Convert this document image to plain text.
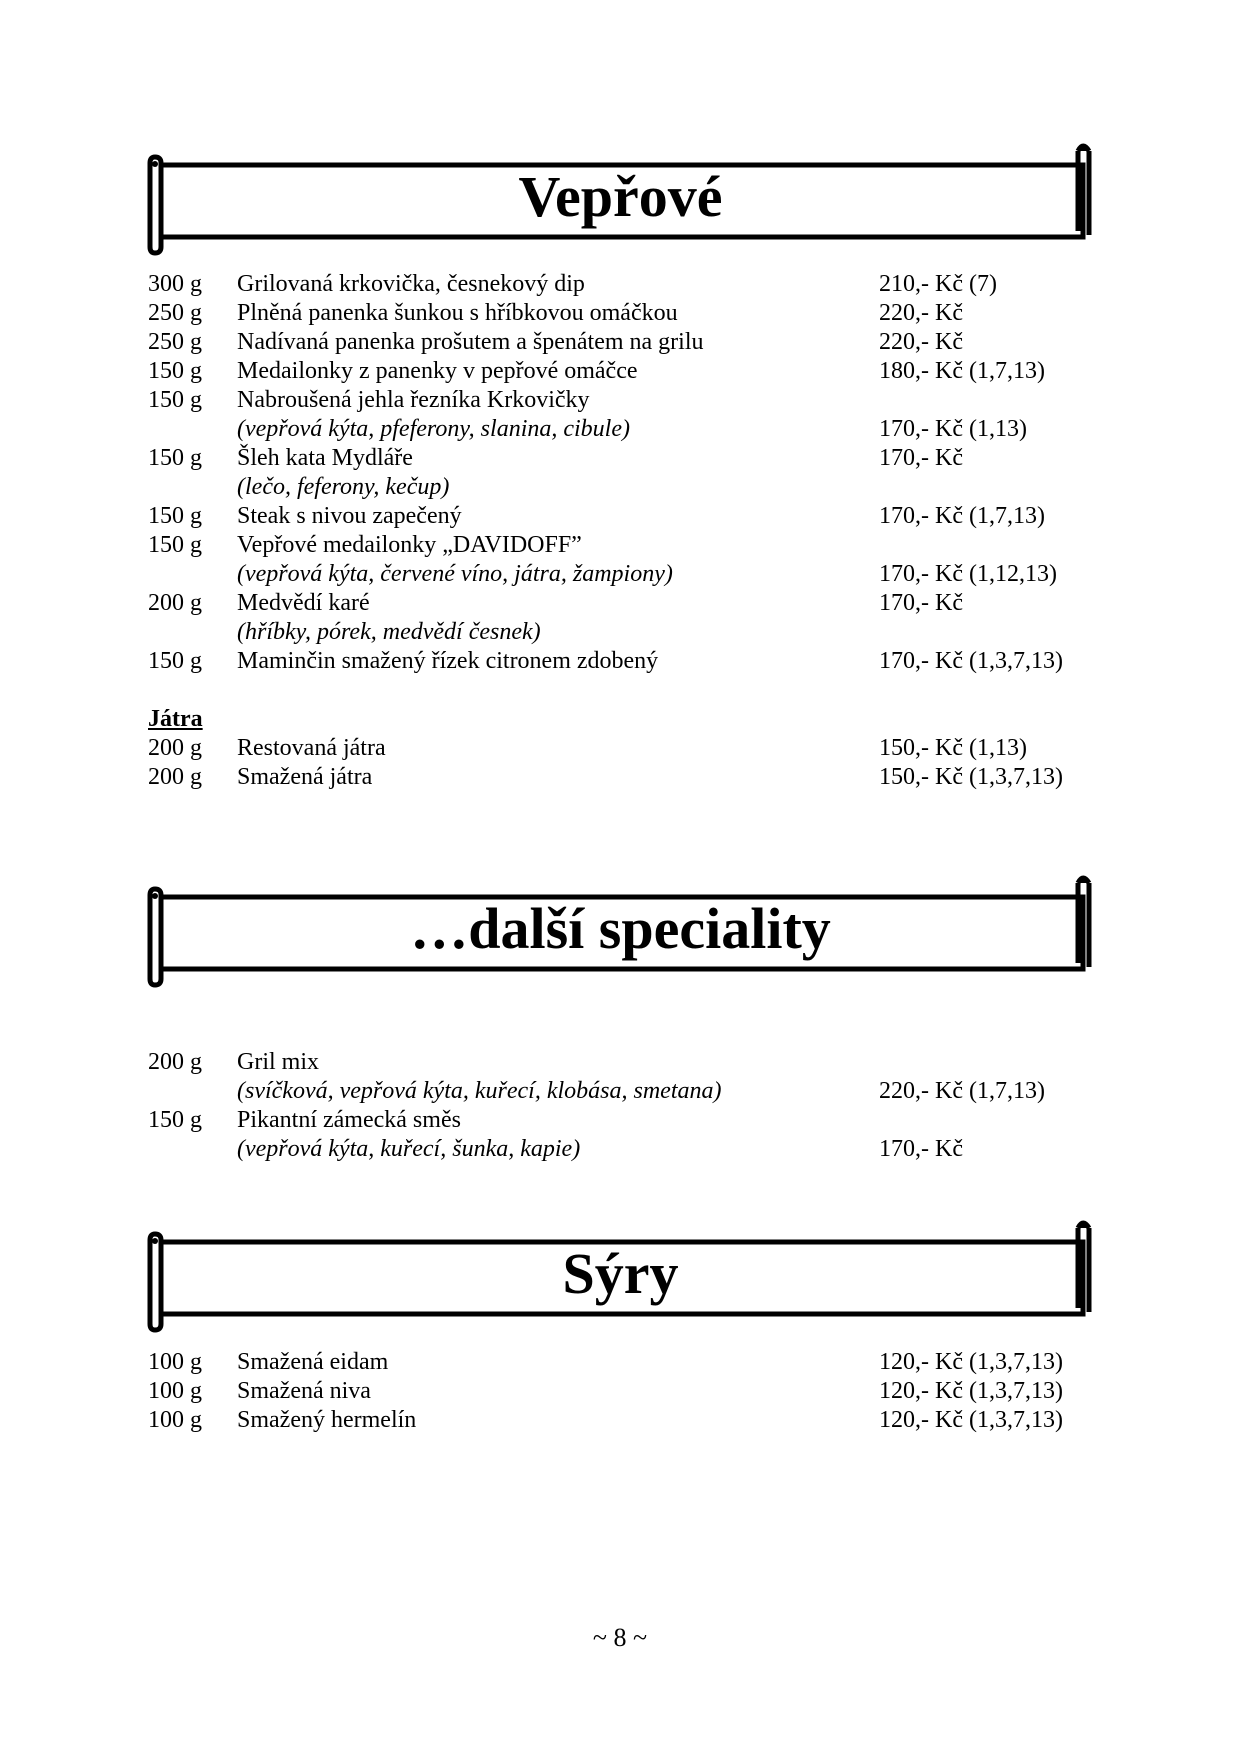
Vepřové
300 g Grilovaná krkovička, česnekový dip	210,- Kč (7)
250 g Plněná panenka šunkou s hříbkovou omáčkou	220,- Kč
250 g Nadívaná panenka prošutem a špenátem na grilu	220,- Kč
150 g Medailonky z panenky v pepřové omáčce	180,- Kč (1,7,13)
150 g Nabroušená jehla řezníka Krkovičky
(vepřová kýta, pfeferony, slanina, cibule)	170,- Kč (1,13)
150 g Šleh kata Mydláře	170,- Kč
(lečo, feferony, kečup)
150 g Steak s nivou zapečený	170,- Kč (1,7,13)
150 g Vepřové medailonky „DAVIDOFF”
(vepřová kýta, červené víno, játra, žampiony)	170,- Kč (1,12,13)
200 g Medvědí karé	170,- Kč
(hříbky, pórek, medvědí česnek)
150 g Maminčin smažený řízek citronem zdobený	170,- Kč (1,3,7,13)
Játra
200 g Restovaná játra	150,- Kč (1,13)
200 g Smažená játra	150,- Kč (1,3,7,13)
…další speciality
200 g Gril mix
(svíčková, vepřová kýta, kuřecí, klobása, smetana)	220,- Kč (1,7,13)
150 g Pikantní zámecká směs
(vepřová kýta, kuřecí, šunka, kapie)	170,- Kč
Sýry
100 g Smažená eidam	120,- Kč (1,3,7,13)
100 g Smažená niva	120,- Kč (1,3,7,13)
100 g Smažený hermelín	120,- Kč (1,3,7,13)
~ 8 ~
